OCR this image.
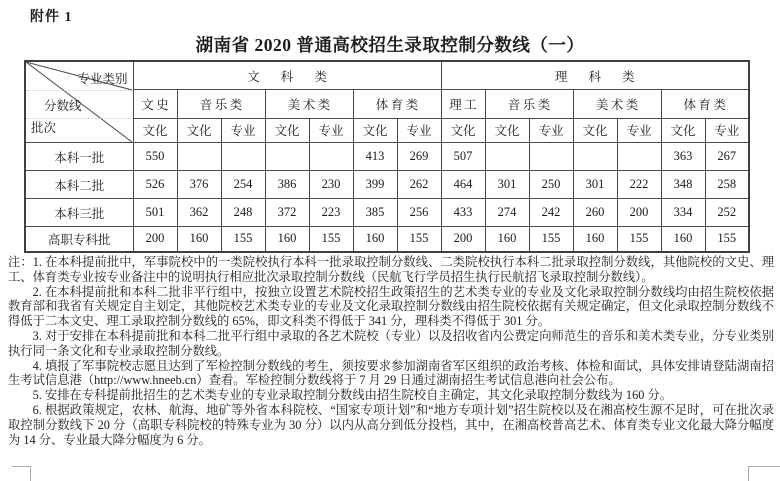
附件 1
湖南省 2020 普通高校招生录取控制分数线（一）
专业类别
分数线
批次	文 科 类							理 科 类						
	文史	音乐类		美术类		体育类		理工	音乐类		美术类		体育类	
	文化	文化	专业	文化	专业	文化	专业	文化	文化	专业	文化	专业	文化	专业
本科一批	550					413	269	507					363	267
本科二批	526	376	254	386	230	399	262	464	301	250	301	222	348	258
本科三批	501	362	248	372	223	385	256	433	274	242	260	200	334	252
高职专科批	200	160	155	160	155	160	155	200	160	155	160	155	160	155

注：1. 在本科提前批中，军事院校中的一类院校执行本科一批录取控制分数线、二类院校执行本科二批录取控制分数线，其他院校的文史、理工、体育类专业按专业备注中的说明执行相应批次录取控制分数线（民航飞行学员招生执行民航招飞录取控制分数线）。

2. 在本科提前批和本科二批非平行组中，按独立设置艺术院校招生政策招生的艺术类专业的专业及文化录取控制分数线均由招生院校依据教育部和我省有关规定自主划定，其他院校艺术类专业的专业及文化录取控制分数线由招生院校依据有关规定确定，但文化录取控制分数线不得低于二本文史、理工录取控制分数线的 65%，即文科类不得低于 341 分，理科类不得低于 301 分。

3. 对于安排在本科提前批和本科二批平行组中录取的各艺术院校（专业）以及招收省内公费定向师范生的音乐和美术类专业，分专业类别执行同一条文化和专业录取控制分数线。

4. 填报了军事院校志愿且达到了军检控制分数线的考生，须按要求参加湖南省军区组织的政治考核、体检和面试，具体安排请登陆湖南招生考试信息港（http://www.hneeb.cn）查看。军检控制分数线将于 7 月 29 日通过湖南招生考试信息港向社会公布。

5. 安排在专科提前批招生的艺术类专业的专业录取控制分数线由招生院校自主确定，其文化录取控制分数线为 160 分。

6. 根据政策规定，农林、航海、地矿等外省本科院校、“国家专项计划”和“地方专项计划”招生院校以及在湘高校生源不足时，可在批次录取控制分数线下 20 分（高职专科院校的特殊专业为 30 分）以内从高分到低分投档，其中，在湘高校普高艺术、体育类专业文化最大降分幅度为 14 分、专业最大降分幅度为 6 分。
